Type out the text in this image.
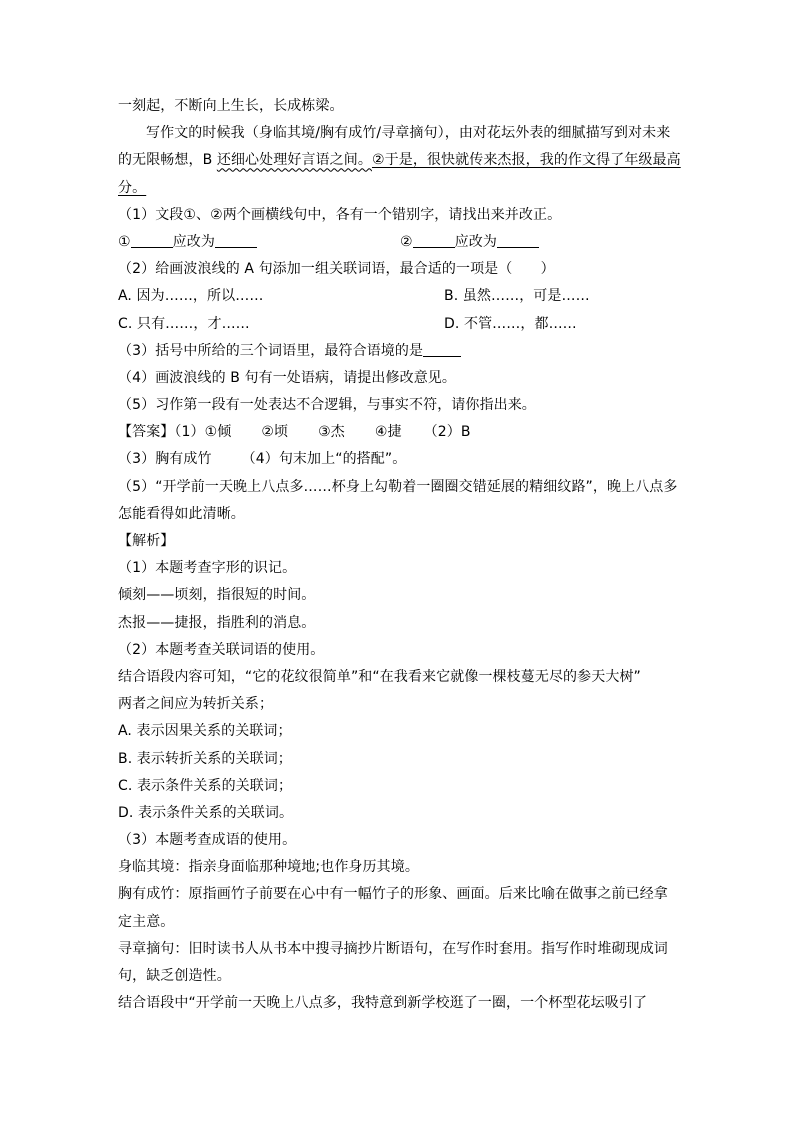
一刻起，不断向上生长，长成栋梁。
写作文的时候我（身临其境/胸有成竹/寻章摘句），由对花坛外表的细腻描写到对未来
的无限畅想，B 还细心处理好言语之间。②于是，很快就传来杰报，我的作文得了年级最高
分。
（1）文段①、②两个画横线句中，各有一个错别字，请找出来并改正。
①	应改为	②	应改为
（2）给画波浪线的 A 句添加一组关联词语，最合适的一项是（　　）
A. 因为……，所以……	B. 虽然……，可是……
C. 只有……，才……	D. 不管……，都……
（3）括号中所给的三个词语里，最符合语境的是
（4）画波浪线的 B 句有一处语病，请提出修改意见。
（5）习作第一段有一处表达不合逻辑，与事实不符，请你指出来。
【答案】（1）①倾 ②顷 ③杰 ④捷 （2）B
（3）胸有成竹 （4）句末加上“的搭配”。
（5）“开学前一天晚上八点多……杯身上勾勒着一圈圈交错延展的精细纹路”，晚上八点多
怎能看得如此清晰。
【解析】
（1）本题考查字形的识记。
倾刻——顷刻，指很短的时间。
杰报——捷报，指胜利的消息。
（2）本题考查关联词语的使用。
结合语段内容可知，“它的花纹很简单”和“在我看来它就像一棵枝蔓无尽的参天大树”
两者之间应为转折关系；
A. 表示因果关系的关联词；
B. 表示转折关系的关联词；
C. 表示条件关系的关联词；
D. 表示条件关系的关联词。
（3）本题考查成语的使用。
身临其境：指亲身面临那种境地;也作身历其境。
胸有成竹：原指画竹子前要在心中有一幅竹子的形象、画面。后来比喻在做事之前已经拿
定主意。
寻章摘句：旧时读书人从书本中搜寻摘抄片断语句，在写作时套用。指写作时堆砌现成词
句，缺乏创造性。
结合语段中“开学前一天晚上八点多，我特意到新学校逛了一圈，一个杯型花坛吸引了
